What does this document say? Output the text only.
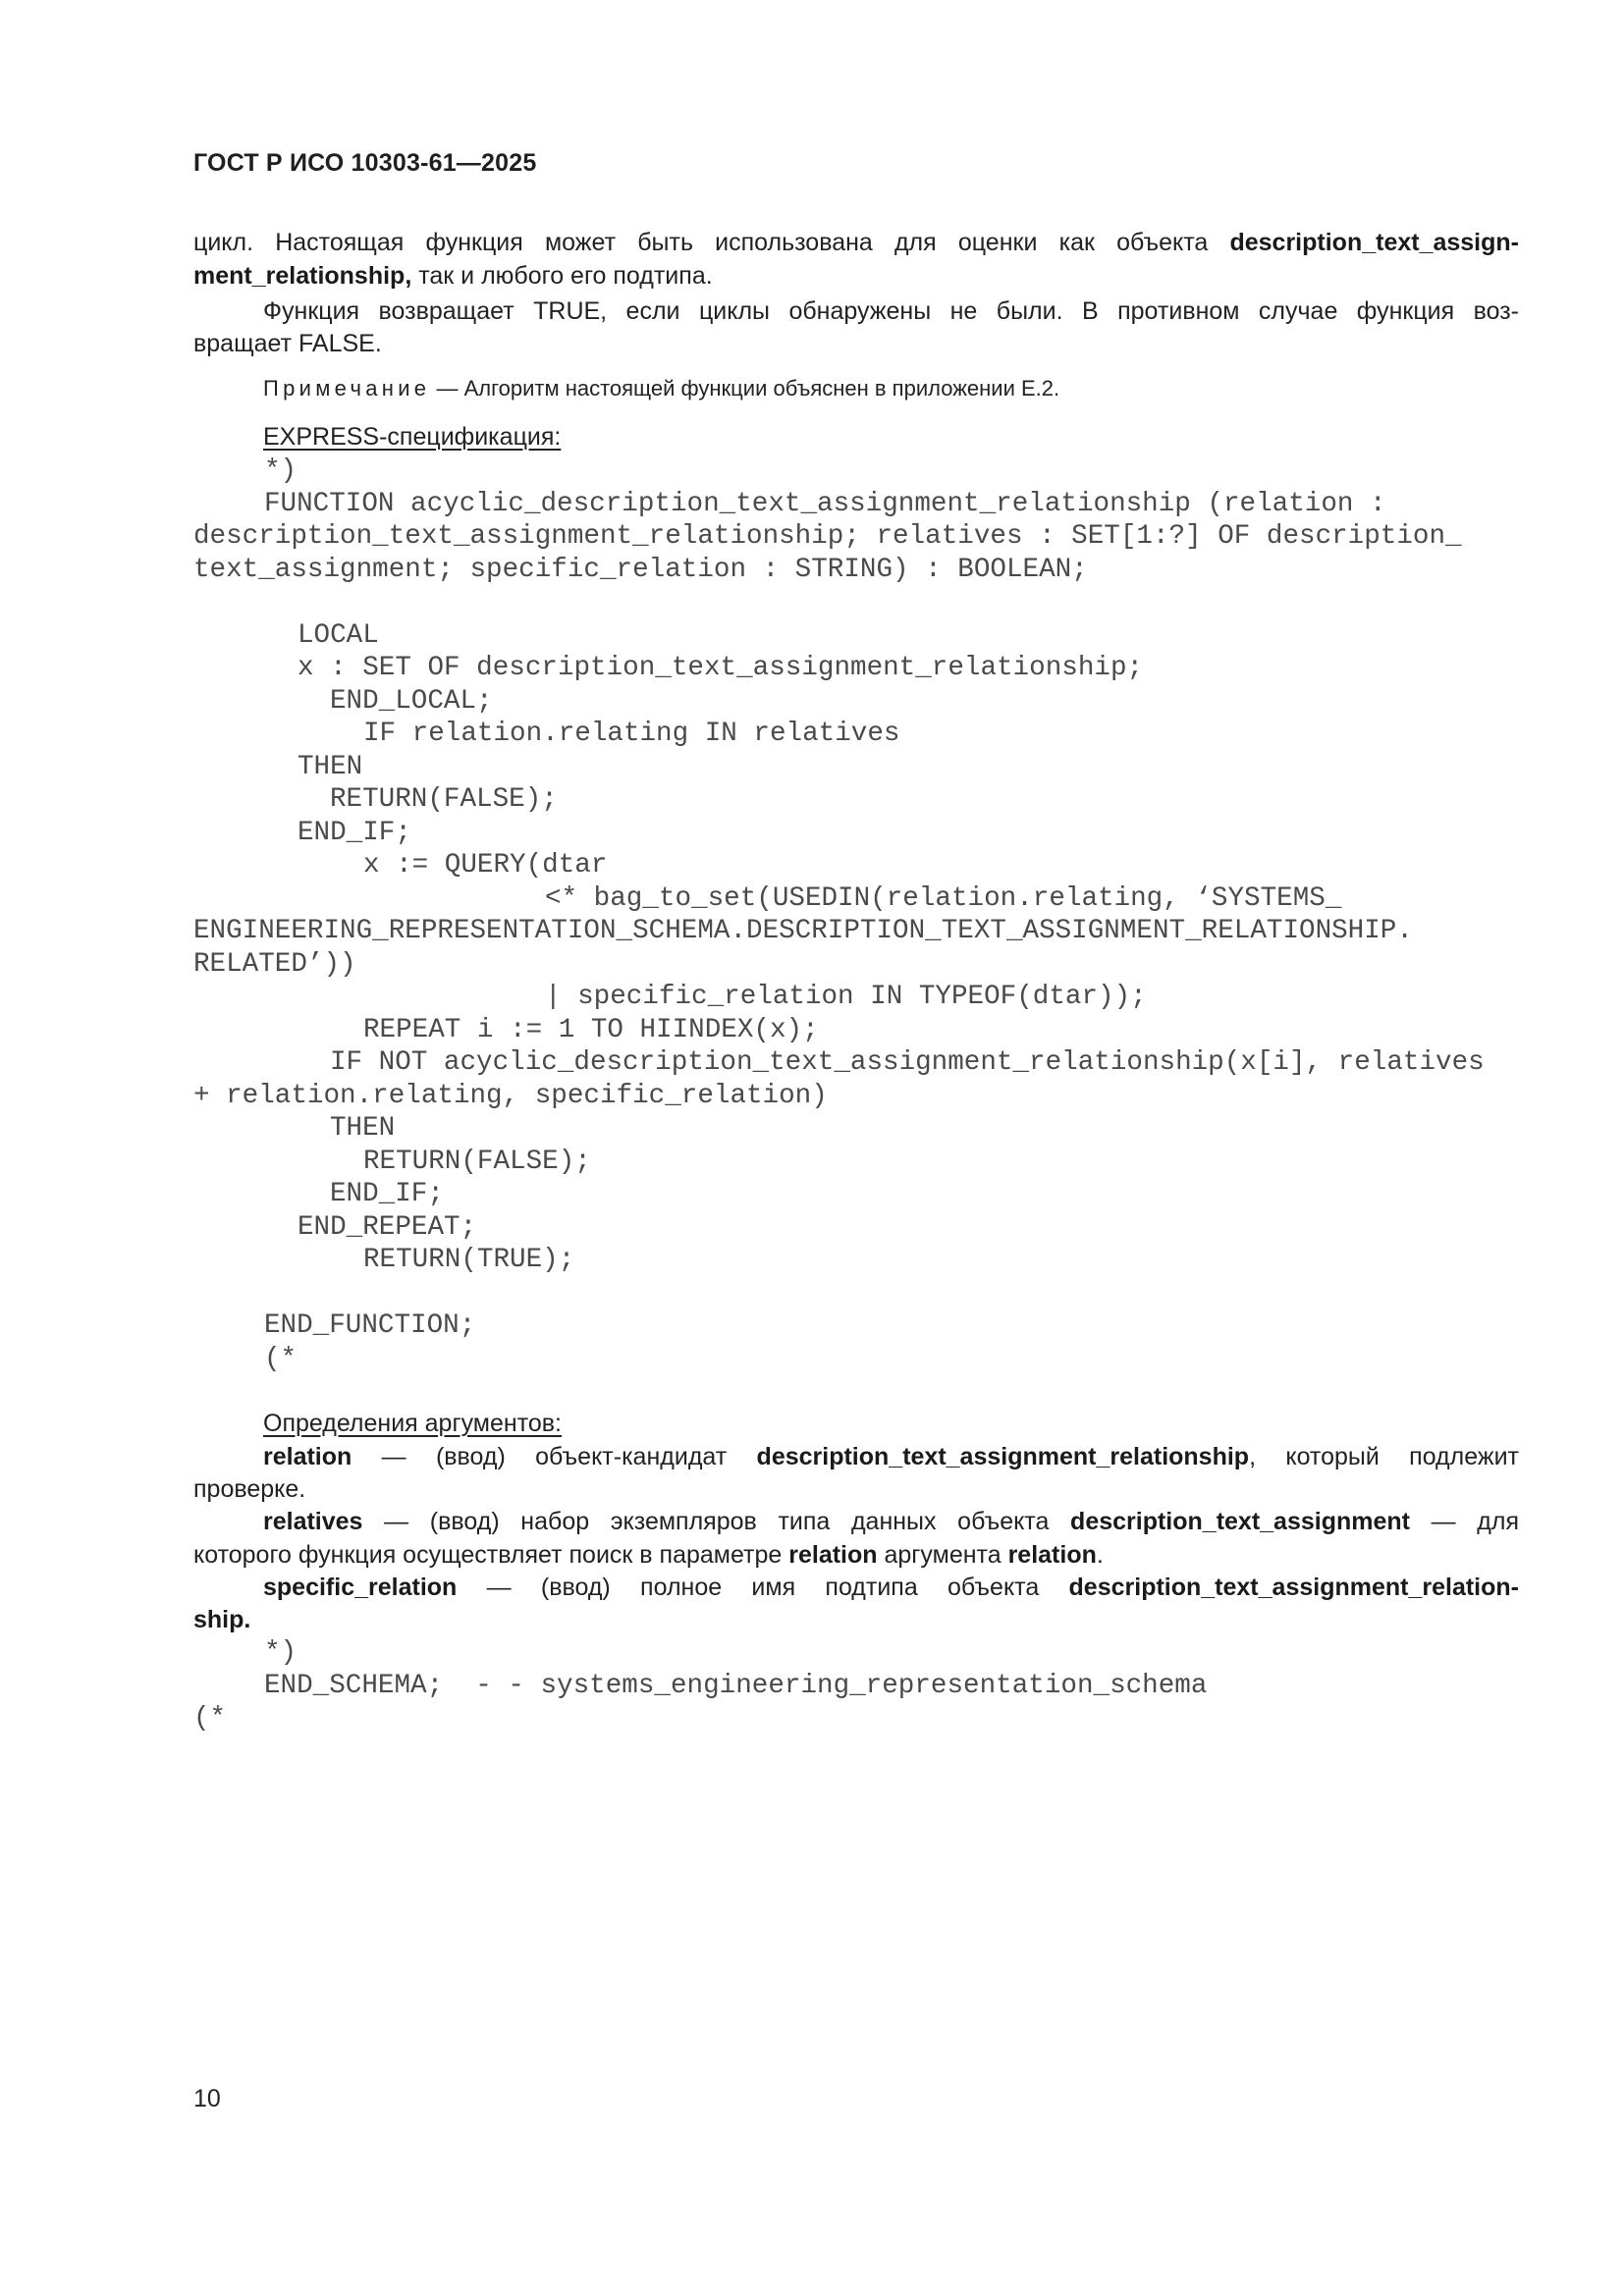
ГОСТ Р ИСО 10303-61—2025
цикл. Настоящая функция может быть использована для оценки как объекта description_text_assign-
ment_relationship, так и любого его подтипа.
Функция возвращает TRUE, если циклы обнаружены не были. В противном случае функция воз-
вращает FALSE.
Примечание — Алгоритм настоящей функции объяснен в приложении Е.2.
EXPRESS-спецификация:
*)
FUNCTION acyclic_description_text_assignment_relationship (relation :
description_text_assignment_relationship; relatives : SET[1:?] OF description_
text_assignment; specific_relation : STRING) : BOOLEAN;
LOCAL
x : SET OF description_text_assignment_relationship;
END_LOCAL;
IF relation.relating IN relatives
THEN
RETURN(FALSE);
END_IF;
x := QUERY(dtar
<* bag_to_set(USEDIN(relation.relating, ‘SYSTEMS_
ENGINEERING_REPRESENTATION_SCHEMA.DESCRIPTION_TEXT_ASSIGNMENT_RELATIONSHIP.
RELATED’))
| specific_relation IN TYPEOF(dtar));
REPEAT i := 1 TO HIINDEX(x);
IF NOT acyclic_description_text_assignment_relationship(x[i], relatives
+ relation.relating, specific_relation)
THEN
RETURN(FALSE);
END_IF;
END_REPEAT;
RETURN(TRUE);
END_FUNCTION;
(*
Определения аргументов:
relation — (ввод) объект-кандидат description_text_assignment_relationship, который подлежит
проверке.
relatives — (ввод) набор экземпляров типа данных объекта description_text_assignment — для
которого функция осуществляет поиск в параметре relation аргумента relation.
specific_relation — (ввод) полное имя подтипа объекта description_text_assignment_relation-
ship.
*)
END_SCHEMA;  - - systems_engineering_representation_schema
(*
10
